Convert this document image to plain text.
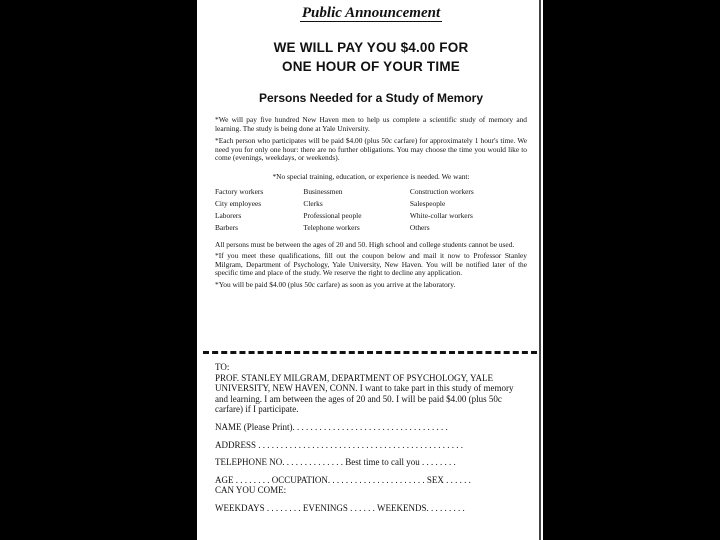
Public Announcement
WE WILL PAY YOU $4.00 FOR
ONE HOUR OF YOUR TIME
Persons Needed for a Study of Memory

*We will pay five hundred New Haven men to help us complete a scientific study of memory and learning. The study is being done at Yale University.

*Each person who participates will be paid $4.00 (plus 50c carfare) for approximately 1 hour's time. We need you for only one hour: there are no further obligations. You may choose the time you would like to come (evenings, weekdays, or weekends).

*No special training, education, or experience is needed. We want:

Factory workers	Businessmen	Construction workers
City employees	Clerks	Salespeople
Laborers	Professional people	White-collar workers
Barbers	Telephone workers	Others

All persons must be between the ages of 20 and 50. High school and college students cannot be used.

*If you meet these qualifications, fill out the coupon below and mail it now to Professor Stanley Milgram, Department of Psychology, Yale University, New Haven. You will be notified later of the specific time and place of the study. We reserve the right to decline any application.

*You will be paid $4.00 (plus 50c carfare) as soon as you arrive at the laboratory.

TO:

PROF. STANLEY MILGRAM, DEPARTMENT OF PSYCHOLOGY, YALE UNIVERSITY, NEW HAVEN, CONN. I want to take part in this study of memory and learning. I am between the ages of 20 and 50. I will be paid $4.00 (plus 50c carfare) if I participate.

NAME (Please Print). . . . . . . . . . . . . . . . . . . . . . . . . . . . . . . . . . .
ADDRESS . . . . . . . . . . . . . . . . . . . . . . . . . . . . . . . . . . . . . . . . . . . . . .
TELEPHONE NO. . . . . . . . . . . . . . Best time to call you . . . . . . . .
AGE . . . . . . . . OCCUPATION. . . . . . . . . . . . . . . . . . . . . . SEX . . . . . .
CAN YOU COME:
WEEKDAYS . . . . . . . . EVENINGS . . . . . . WEEKENDS. . . . . . . . .
